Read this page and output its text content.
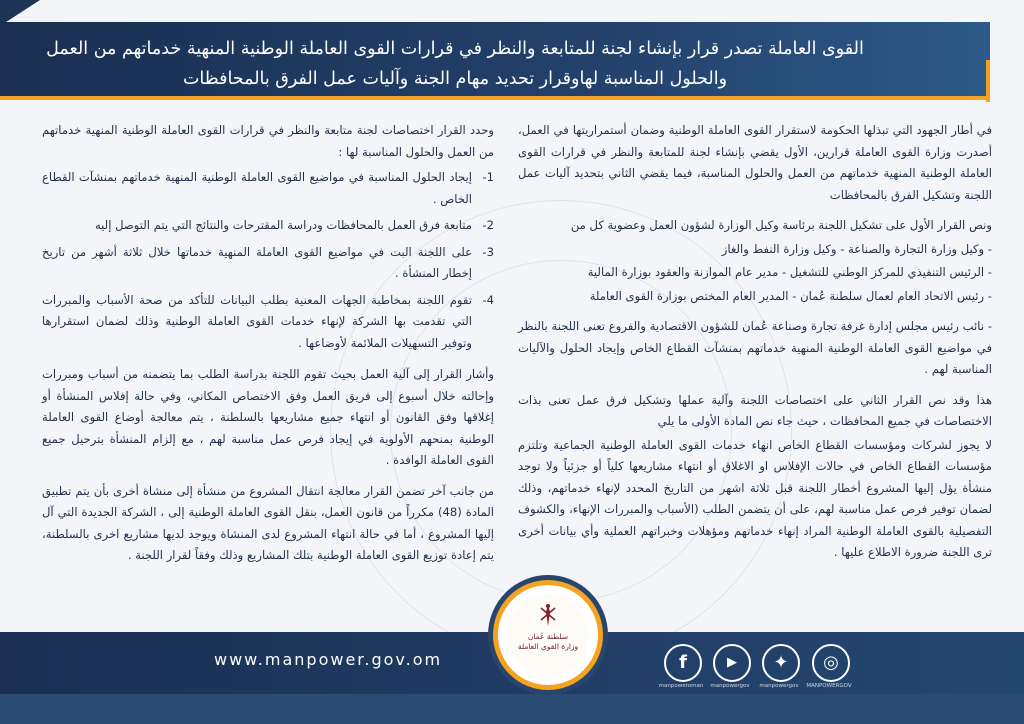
القوى العاملة تصدر قرار بإنشاء لجنة للمتابعة والنظر في قرارات القوى العاملة الوطنية المنهية خدماتهم من العمل
والحلول المناسبة لهاوقرار تحديد مهام الجنة وآليات عمل الفرق بالمحافظات

في أطار الجهود التي تبذلها الحكومة لاستقرار القوى العاملة الوطنية وضمان أستمراريتها في العمل، أصدرت وزارة القوى العاملة قرارين، الأول يقضي بإنشاء لجنة للمتابعة والنظر في قرارات القوى العاملة الوطنية المنهية خدماتهم من العمل والحلول المناسبة، فيما يقضي الثاني بتحديد آليات عمل اللجنة وتشكيل الفرق بالمحافظات

ونص القرار الأول على تشكيل اللجنة برئاسة وكيل الوزارة لشؤون العمل وعضوية كل من

- وكيل وزارة التجارة والصناعة - وكيل وزارة النفط والغاز

- الرئيس التنفيذي للمركز الوطني للتشغيل - مدير عام الموازنة والعقود بوزارة المالية

- رئيس الاتحاد العام لعمال سلطنة عُمان - المدير العام المختص بوزارة القوى العاملة

- نائب رئيس مجلس إدارة غرفة تجارة وصناعة عُمان للشؤون الاقتصادية والفروع تعنى اللجنة بالنظر في مواضيع القوى العاملة الوطنية المنهية خدماتهم بمنشآت القطاع الخاص وإيجاد الحلول والآليات المناسبة لهم .

هذا وقد نص القرار الثاني على اختصاصات اللجنة وآلية عملها وتشكيل فرق عمل تعنى بذات الاختصاصات في جميع المحافظات ، حيث جاء نص المادة الأولى ما يلي

لا يجوز لشركات ومؤسسات القطاع الخاص انهاء خدمات القوى العاملة الوطنية الجماعية وتلتزم مؤسسات القطاع الخاص في حالات الإفلاس او الاغلاق أو انتهاء مشاريعها كلياً أو جزئياً ولا توجد منشأة يؤل إليها المشروع أخطار اللجنة قبل ثلاثة اشهر من التاريخ المحدد لإنهاء خدماتهم، وذلك لضمان توفير فرص عمل مناسبة لهم، على أن يتضمن الطلب (الأسباب والمبررات الإنهاء، والكشوف التفصيلية بالقوى العاملة الوطنية المراد إنهاء خدماتهم ومؤهلات وخبراتهم العملية وأي بيانات أخرى ترى اللجنة ضرورة الاطلاع عليها .

وحدد القرار اختصاصات لجنة متابعة والنظر في قرارات القوى العاملة الوطنية المنهية خدماتهم من العمل والحلول المناسبة لها :

1-
إيجاد الحلول المناسبة في مواضيع القوى العاملة الوطنية المنهية خدماتهم بمنشآت القطاع الخاص .
2-
متابعة فرق العمل بالمحافظات ودراسة المقترحات والنتائج التي يتم التوصل إليه
3-
على اللجنة البت في مواضيع القوى العاملة المنهية خدماتها خلال ثلاثة أشهر من تاريخ إخطار المنشأة .
4-
تقوم اللجنة بمخاطبة الجهات المعنية بطلب البيانات للتأكد من صحة الأسباب والمبررات التي تقدمت بها الشركة لإنهاء خدمات القوى العاملة الوطنية وذلك لضمان استقرارها وتوفير التسهيلات الملائمة لأوضاعها .

وأشار القرار إلى آلية العمل بحيث تقوم اللجنة بدراسة الطلب بما يتضمنه من أسباب ومبررات وإحالته خلال أسبوع إلى فريق العمل وفق الاختصاص المكاني، وفي حالة إفلاس المنشأة أو إغلاقها وفق القانون أو انتهاء جميع مشاريعها بالسلطنة ، يتم معالجة أوضاع القوى العاملة الوطنية بمنحهم الأولوية في إيجاد فرص عمل مناسبة لهم ، مع إلزام المنشأة بترحيل جميع القوى العاملة الوافدة .

من جانب آخر تضمن القرار معالجة انتقال المشروع من منشأة إلى منشاة أخرى بأن يتم تطبيق المادة (48) مكرراً من قانون العمل، بنقل القوى العاملة الوطنية إلى ، الشركة الجديدة التي آل إليها المشروع ، أما في حالة انتهاء المشروع لدى المنشاة ويوجد لديها مشاريع اخرى بالسلطنة، يتم إعادة توزيع القوى العاملة الوطنية بتلك المشاريع وذلك وفقاً لقرار اللجنة .

www.manpower.gov.om
سلطنة عُمان
وزارة القوى العاملة
f
manpoweroman
▶
manpowergov
✦
manpowergov
◎
MANPOWERGOV
